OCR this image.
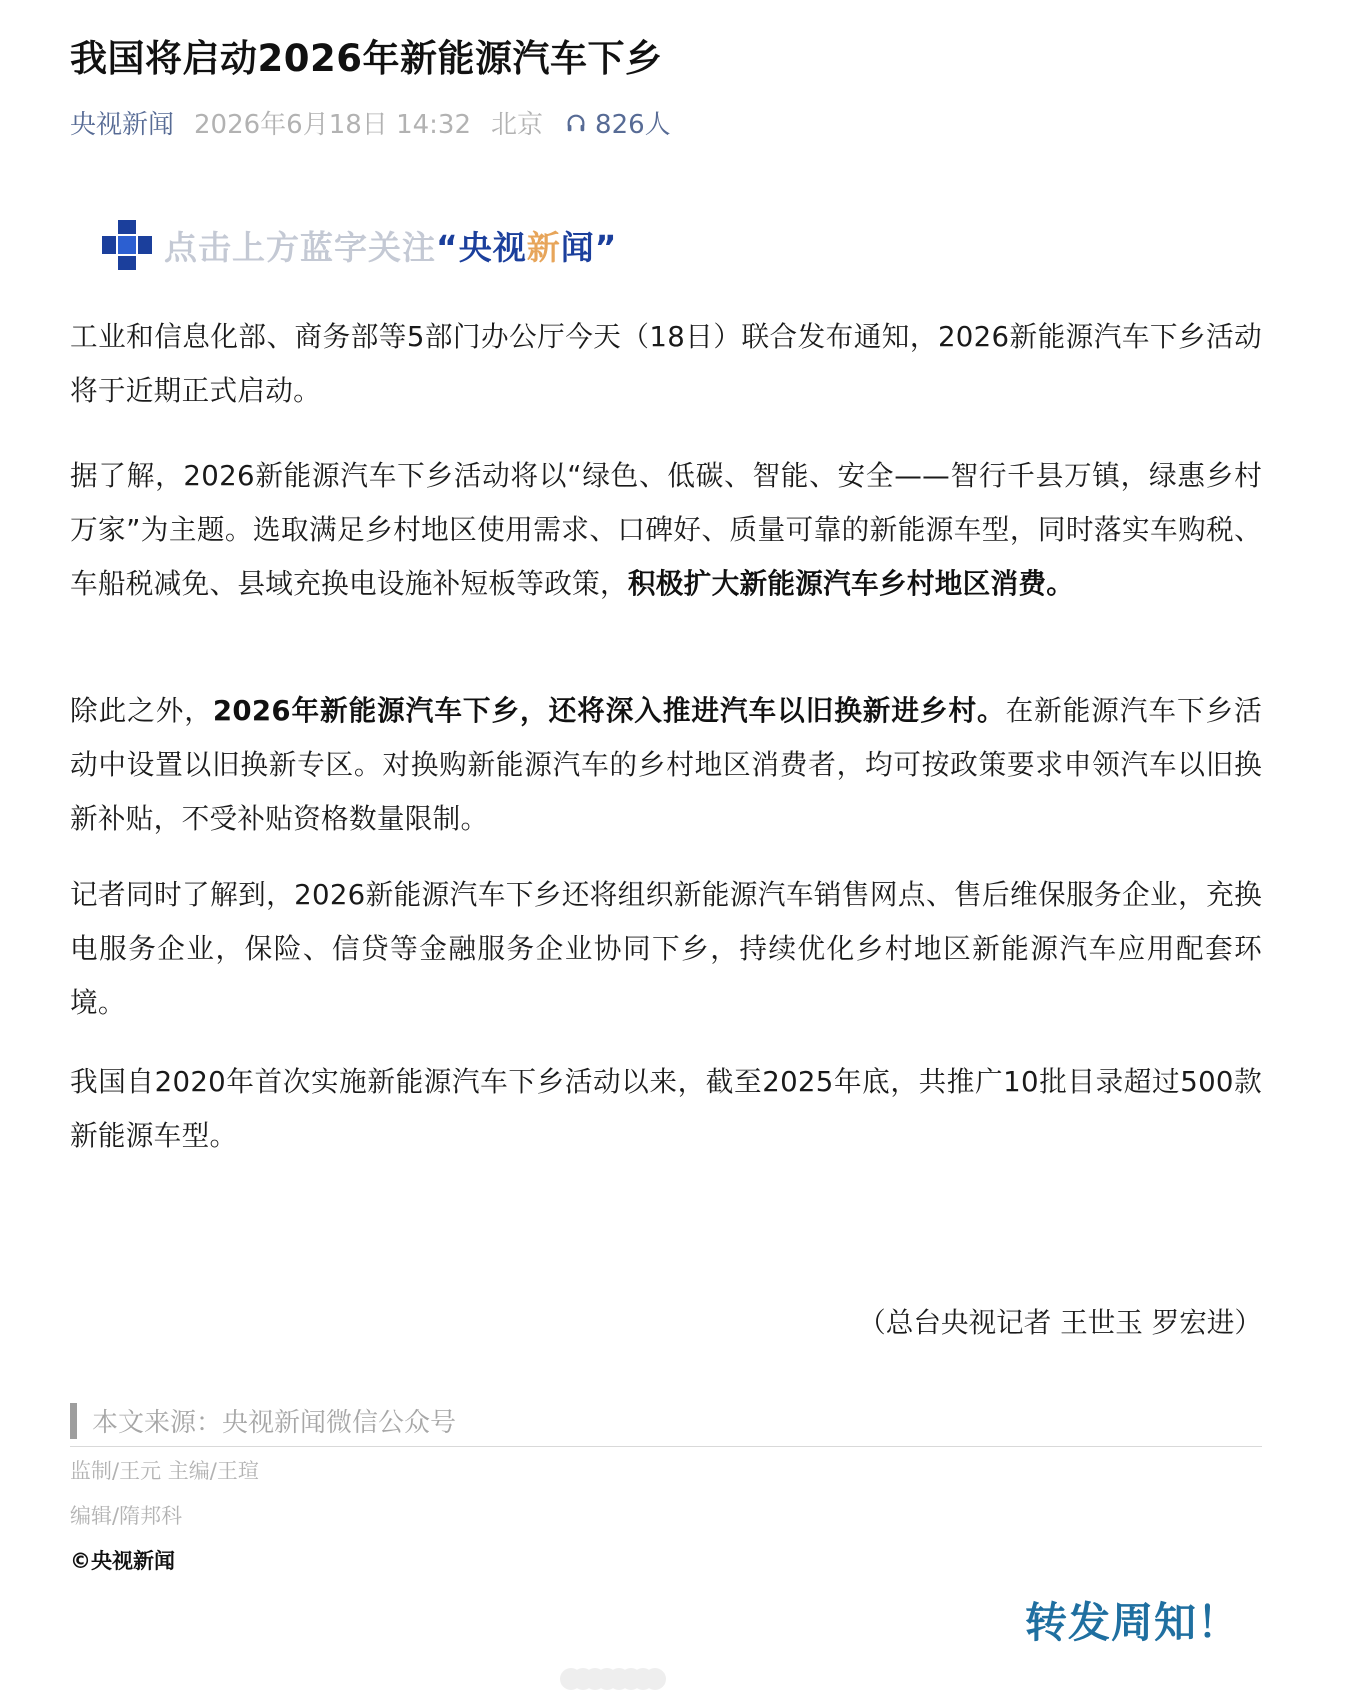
我国将启动2026年新能源汽车下乡
央视新闻 2026年6月18日 14:32 北京 826人
点击上方蓝字关注 “央视新闻”

工业和信息化部、商务部等5部门办公厅今天（18日）联合发布通知，2026新能源汽车下乡活动将于近期正式启动。

据了解，2026新能源汽车下乡活动将以“绿色、低碳、智能、安全——智行千县万镇，绿惠乡村万家”为主题。选取满足乡村地区使用需求、口碑好、质量可靠的新能源车型，同时落实车购税、车船税减免、县域充换电设施补短板等政策，积极扩大新能源汽车乡村地区消费。

除此之外，2026年新能源汽车下乡，还将深入推进汽车以旧换新进乡村。在新能源汽车下乡活动中设置以旧换新专区。对换购新能源汽车的乡村地区消费者，均可按政策要求申领汽车以旧换新补贴，不受补贴资格数量限制。

记者同时了解到，2026新能源汽车下乡还将组织新能源汽车销售网点、售后维保服务企业，充换电服务企业，保险、信贷等金融服务企业协同下乡，持续优化乡村地区新能源汽车应用配套环境。

我国自2020年首次实施新能源汽车下乡活动以来，截至2025年底，共推广10批目录超过500款新能源车型。

（总台央视记者 王世玉 罗宏进）
本文来源：央视新闻微信公众号
监制/王元 主编/王瑄
编辑/隋邦科
©央视新闻
转发周知！
